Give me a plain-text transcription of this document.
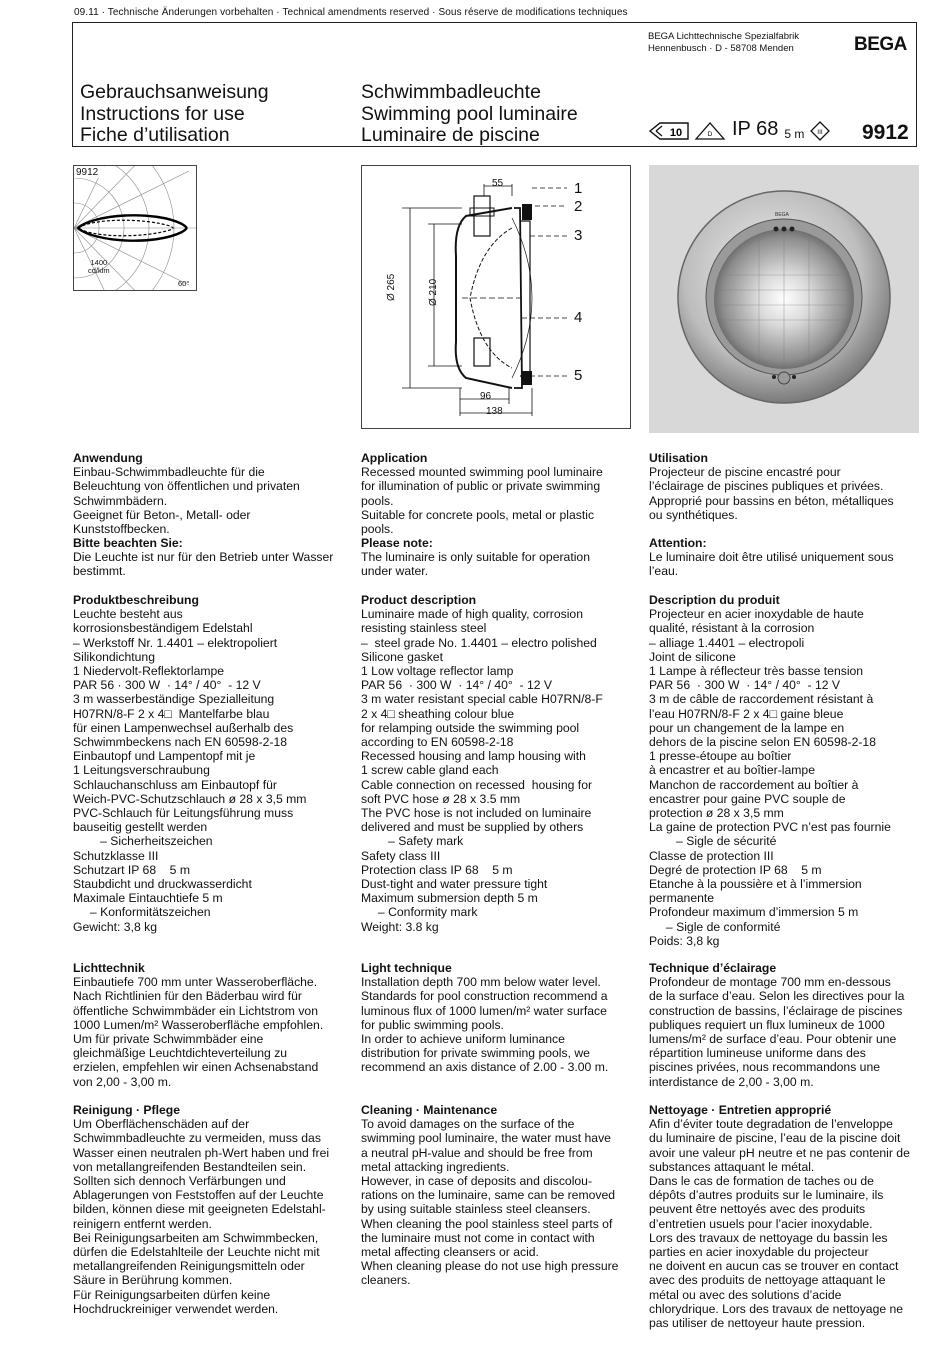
09.11 · Technische Änderungen vorbehalten · Technical amendments reserved · Sous réserve de modifications techniques
BEGA Lichttechnische Spezialfabrik
Hennenbusch · D - 58708 Menden	BEGA
Gebrauchsanweisung
Instructions for use
Fiche d’utilisation
Schwimmbadleuchte
Swimming pool luminaire
Luminaire de piscine	10	D IP 68 5 m III 9912
9912
1400
cd/klm
60°
55
96
138
Ø 265	Ø 210
1
2
3
4
5
BEGA
Anwendung

Einbau-Schwimmbadleuchte für die
Beleuchtung von öffentlichen und privaten
Schwimmbädern.
Geeignet für Beton-, Metall- oder
Kunststoffbecken.

Bitte beachten Sie:

Die Leuchte ist nur für den Betrieb unter Wasser
bestimmt.

Produktbeschreibung

Leuchte besteht aus
korrosionsbeständigem Edelstahl
– Werkstoff Nr. 1.4401 – elektropoliert
Silikondichtung
1 Niedervolt-Reflektorlampe
PAR 56 · 300 W  · 14° / 40°  - 12 V
3 m wasserbeständige Spezialleitung
H07RN/8-F 2 x 4□  Mantelfarbe blau
für einen Lampenwechsel außerhalb des
Schwimmbeckens nach EN 60598-2-18
Einbautopf und Lampentopf mit je
1 Leitungsverschraubung
Schlauchanschluss am Einbautopf für
Weich-PVC-Schutzschlauch ø 28 x 3,5 mm
PVC-Schlauch für Leitungsführung muss
bauseitig gestellt werden
– Sicherheitszeichen
Schutzklasse III
Schutzart IP 68    5 m
Staubdicht und druckwasserdicht
Maximale Eintauchtiefe 5 m
– Konformitätszeichen
Gewicht: 3,8 kg

Lichttechnik

Einbautiefe 700 mm unter Wasseroberfläche.
Nach Richtlinien für den Bäderbau wird für
öffentliche Schwimmbäder ein Lichtstrom von
1000 Lumen/m² Wasseroberfläche empfohlen.
Um für private Schwimmbäder eine
gleichmäßige Leuchtdichteverteilung zu
erzielen, empfehlen wir einen Achsenabstand
von 2,00 - 3,00 m.

Reinigung · Pflege

Um Oberflächenschäden auf der
Schwimmbadleuchte zu vermeiden, muss das
Wasser einen neutralen ph-Wert haben und frei
von metallangreifenden Bestandteilen sein.
Sollten sich dennoch Verfärbungen und
Ablagerungen von Feststoffen auf der Leuchte
bilden, können diese mit geeigneten Edelstahl-
reinigern entfernt werden.
Bei Reinigungsarbeiten am Schwimmbecken,
dürfen die Edelstahlteile der Leuchte nicht mit
metallangreifenden Reinigungsmitteln oder
Säure in Berührung kommen.
Für Reinigungsarbeiten dürfen keine
Hochdruckreiniger verwendet werden.

Application

Recessed mounted swimming pool luminaire
for illumination of public or private swimming
pools.
Suitable for concrete pools, metal or plastic
pools.

Please note:

The luminaire is only suitable for operation
under water.

Product description

Luminaire made of high quality, corrosion
resisting stainless steel
–  steel grade No. 1.4401 – electro polished
Silicone gasket
1 Low voltage reflector lamp
PAR 56  · 300 W  · 14° / 40°  - 12 V
3 m water resistant special cable H07RN/8-F
2 x 4□ sheathing colour blue
for relamping outside the swimming pool
according to EN 60598-2-18
Recessed housing and lamp housing with
1 screw cable gland each
Cable connection on recessed  housing for
soft PVC hose ø 28 x 3.5 mm
The PVC hose is not included on luminaire
delivered and must be supplied by others
– Safety mark
Safety class III
Protection class IP 68    5 m
Dust-tight and water pressure tight
Maximum submersion depth 5 m
– Conformity mark
Weight: 3.8 kg

Light technique

Installation depth 700 mm below water level.
Standards for pool construction recommend a
luminous flux of 1000 lumen/m² water surface
for public swimming pools.
In order to achieve uniform luminance
distribution for private swimming pools, we
recommend an axis distance of 2.00 - 3.00 m.

Cleaning · Maintenance

To avoid damages on the surface of the
swimming pool luminaire, the water must have
a neutral pH-value and should be free from
metal attacking ingredients.
However, in case of deposits and discolou-
rations on the luminaire, same can be removed
by using suitable stainless steel cleansers.
When cleaning the pool stainless steel parts of
the luminaire must not come in contact with
metal affecting cleansers or acid.
When cleaning please do not use high pressure
cleaners.

Utilisation

Projecteur de piscine encastré pour
l’éclairage de piscines publiques et privées.
Approprié pour bassins en béton, métalliques
ou synthétiques.

Attention:

Le luminaire doit être utilisé uniquement sous
l’eau.

Description du produit

Projecteur en acier inoxydable de haute
qualité, résistant à la corrosion
– alliage 1.4401 – electropoli
Joint de silicone
1 Lampe à réflecteur très basse tension
PAR 56  · 300 W  · 14° / 40°  - 12 V
3 m de câble de raccordement résistant à
l’eau H07RN/8-F 2 x 4□ gaine bleue
pour un changement de la lampe en
dehors de la piscine selon EN 60598-2-18
1 presse-étoupe au boîtier
à encastrer et au boîtier-lampe
Manchon de raccordement au boîtier à
encastrer pour gaine PVC souple de
protection ø 28 x 3,5 mm
La gaine de protection PVC n’est pas fournie
– Sigle de sécurité
Classe de protection III
Degré de protection IP 68    5 m
Etanche à la poussière et à l’immersion
permanente
Profondeur maximum d’immersion 5 m
– Sigle de conformité
Poids: 3,8 kg

Technique d’éclairage

Profondeur de montage 700 mm en-dessous
de la surface d’eau. Selon les directives pour la
construction de bassins, l’éclairage de piscines
publiques requiert un flux lumineux de 1000
lumens/m² de surface d’eau. Pour obtenir une
répartition lumineuse uniforme dans des
piscines privées, nous recommandons une
interdistance de 2,00 - 3,00 m.

Nettoyage · Entretien approprié

Afin d’éviter toute degradation de l’enveloppe
du luminaire de piscine, l’eau de la piscine doit
avoir une valeur pH neutre et ne pas contenir de
substances attaquant le métal.
Dans le cas de formation de taches ou de
dépôts d’autres produits sur le luminaire, ils
peuvent être nettoyés avec des produits
d’entretien usuels pour l’acier inoxydable.
Lors des travaux de nettoyage du bassin les
parties en acier inoxydable du projecteur
ne doivent en aucun cas se trouver en contact
avec des produits de nettoyage attaquant le
métal ou avec des solutions d’acide
chlorydrique. Lors des travaux de nettoyage ne
pas utiliser de nettoyeur haute pression.
